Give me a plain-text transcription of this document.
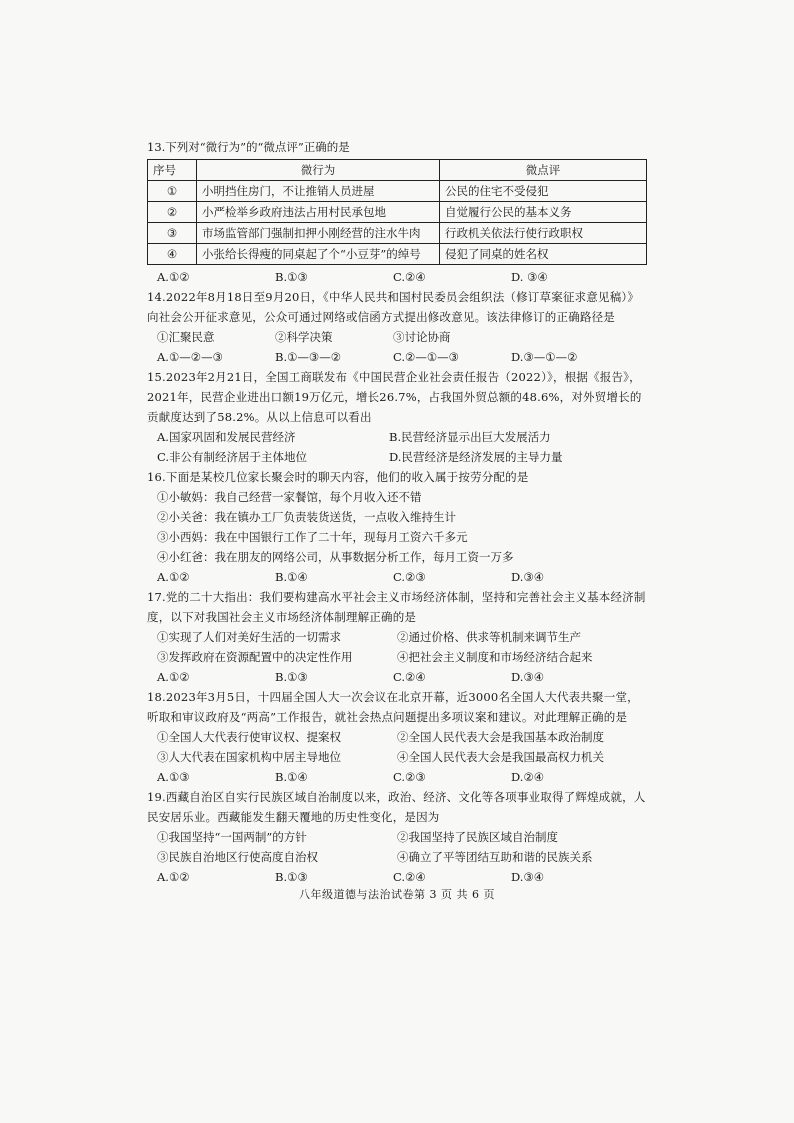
13.下列对“微行为”的“微点评”正确的是
序号	微行为	微点评
①	小明挡住房门，不让推销人员进屋	公民的住宅不受侵犯
②	小严检举乡政府违法占用村民承包地	自觉履行公民的基本义务
③	市场监管部门强制扣押小刚经营的注水牛肉	行政机关依法行使行政职权
④	小张给长得瘦的同桌起了个“小豆芽”的绰号	侵犯了同桌的姓名权
A.①②	B.①③	C.②④	D. ③④
14.2022年8月18日至9月20日，《中华人民共和国村民委员会组织法（修订草案征求意见稿）》向社会公开征求意见，公众可通过网络或信函方式提出修改意见。该法律修订的正确路径是
①汇聚民意	②科学决策	③讨论协商
A.①—②—③	B.①—③—②	C.②—①—③	D.③—①—②
15.2023年2月21日，全国工商联发布《中国民营企业社会责任报告（2022）》，根据《报告》，2021年，民营企业进出口额19万亿元，增长26.7%，占我国外贸总额的48.6%，对外贸增长的贡献度达到了58.2%。从以上信息可以看出
A.国家巩固和发展民营经济	B.民营经济显示出巨大发展活力
C.非公有制经济居于主体地位	D.民营经济是经济发展的主导力量
16.下面是某校几位家长聚会时的聊天内容，他们的收入属于按劳分配的是
①小敏妈：我自己经营一家餐馆，每个月收入还不错
②小关爸：我在镇办工厂负责装货送货，一点收入维持生计
③小西妈：我在中国银行工作了二十年，现每月工资六千多元
④小红爸：我在朋友的网络公司，从事数据分析工作，每月工资一万多
A.①②	B.①④	C.②③	D.③④
17.党的二十大指出：我们要构建高水平社会主义市场经济体制，坚持和完善社会主义基本经济制度，以下对我国社会主义市场经济体制理解正确的是
①实现了人们对美好生活的一切需求	②通过价格、供求等机制来调节生产
③发挥政府在资源配置中的决定性作用	④把社会主义制度和市场经济结合起来
A.①②	B.①③	C.②④	D.③④
18.2023年3月5日，十四届全国人大一次会议在北京开幕，近3000名全国人大代表共聚一堂，听取和审议政府及“两高”工作报告，就社会热点问题提出多项议案和建议。对此理解正确的是
①全国人大代表行使审议权、提案权	②全国人民代表大会是我国基本政治制度
③人大代表在国家机构中居主导地位	④全国人民代表大会是我国最高权力机关
A.①③	B.①④	C.②③	D.②④
19.西藏自治区自实行民族区域自治制度以来，政治、经济、文化等各项事业取得了辉煌成就，人民安居乐业。西藏能发生翻天覆地的历史性变化，是因为
①我国坚持“一国两制”的方针	②我国坚持了民族区域自治制度
③民族自治地区行使高度自治权	④确立了平等团结互助和谐的民族关系
A.①②	B.①③	C.②④	D.③④
八年级道德与法治试卷第 3 页 共 6 页
